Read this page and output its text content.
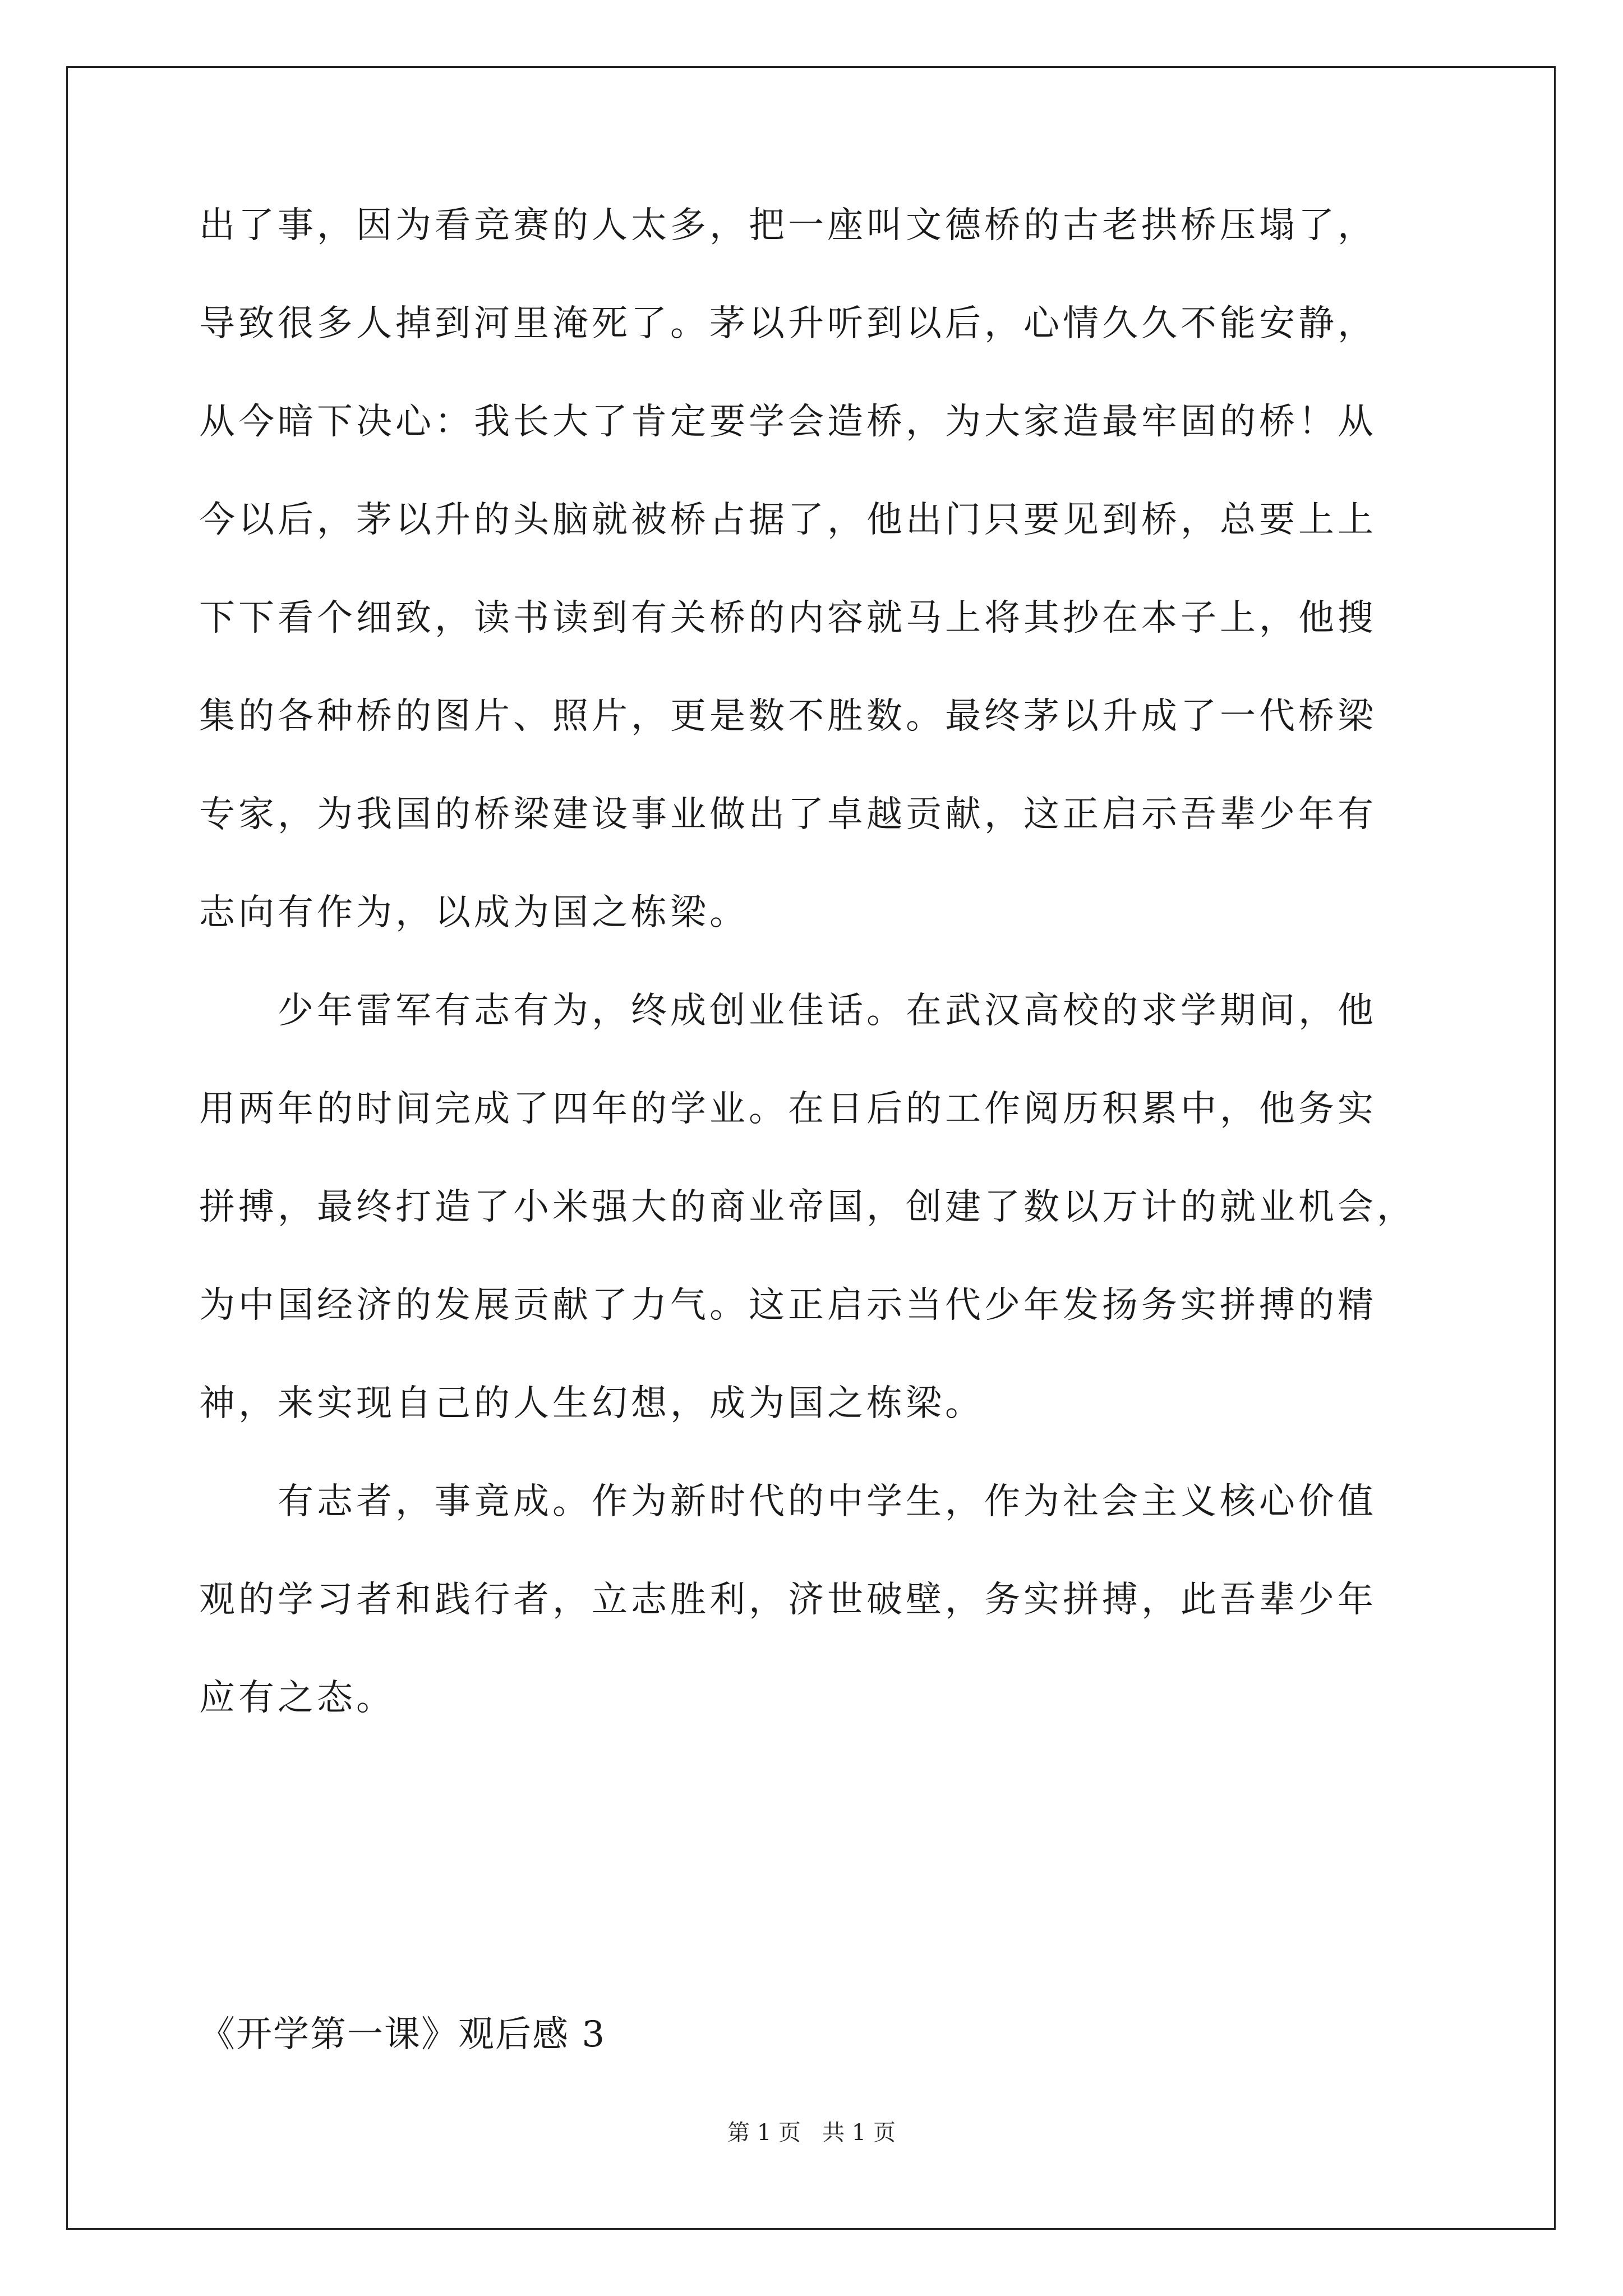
出了事，因为看竞赛的人太多，把一座叫文德桥的古老拱桥压塌了，
导致很多人掉到河里淹死了。茅以升听到以后，心情久久不能安静，
从今暗下决心：我长大了肯定要学会造桥，为大家造最牢固的桥！从
今以后，茅以升的头脑就被桥占据了，他出门只要见到桥，总要上上
下下看个细致，读书读到有关桥的内容就马上将其抄在本子上，他搜
集的各种桥的图片、照片，更是数不胜数。最终茅以升成了一代桥梁
专家，为我国的桥梁建设事业做出了卓越贡献，这正启示吾辈少年有
志向有作为，以成为国之栋梁。
少年雷军有志有为，终成创业佳话。在武汉高校的求学期间，他
用两年的时间完成了四年的学业。在日后的工作阅历积累中，他务实
拼搏，最终打造了小米强大的商业帝国，创建了数以万计的就业机会，
为中国经济的发展贡献了力气。这正启示当代少年发扬务实拼搏的精
神，来实现自己的人生幻想，成为国之栋梁。
有志者，事竟成。作为新时代的中学生，作为社会主义核心价值
观的学习者和践行者，立志胜利，济世破壁，务实拼搏，此吾辈少年
应有之态。
《开学第一课》观后感 3
第 1 页   共 1 页
